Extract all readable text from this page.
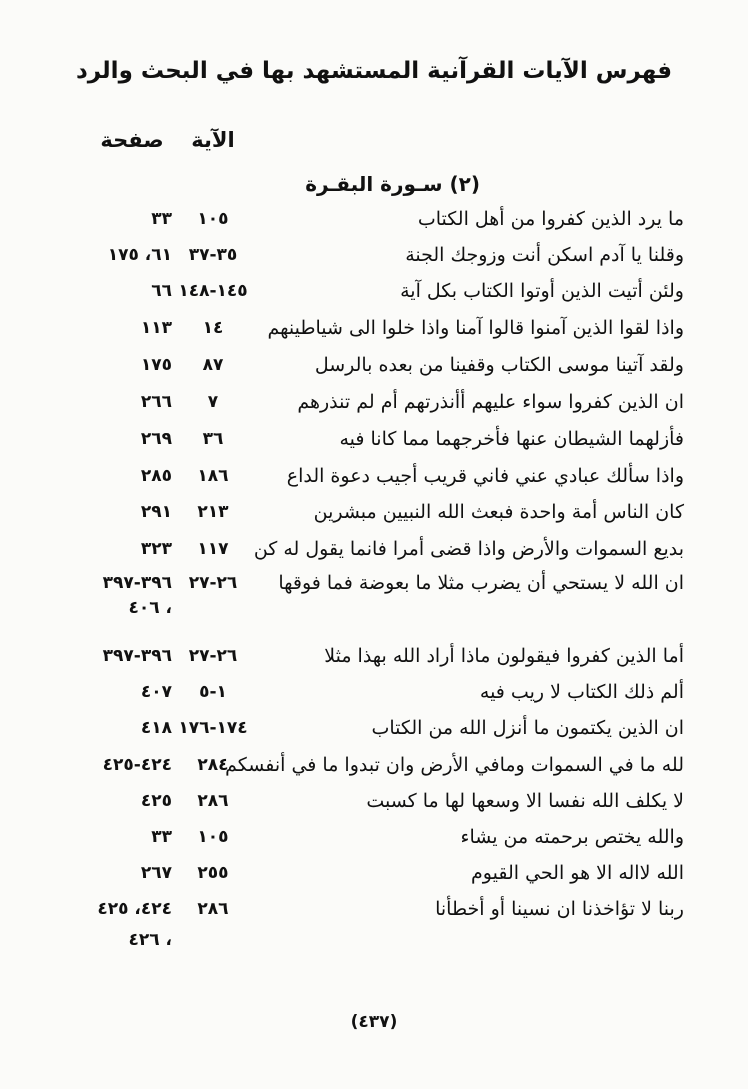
فهرس الآيات القرآنية المستشهد بها في البحث والرد
الآية
صفحة
(٢) سـورة البقـرة
ما يرد الذين كفروا من أهل الكتاب
١٠٥
٣٣
وقلنا يا آدم اسكن أنت وزوجك الجنة
٣٥-٣٧
٦١، ١٧٥
ولئن أتيت الذين أوتوا الكتاب بكل آية
١٤٥-١٤٨
٦٦
واذا لقوا الذين آمنوا قالوا آمنا واذا خلوا الى شياطينهم
١٤
١١٣
ولقد آتينا موسى الكتاب وقفينا من بعده بالرسل
٨٧
١٧٥
ان الذين كفروا سواء عليهم أأنذرتهم أم لم تنذرهم
٧
٢٦٦
فأزلهما الشيطان عنها فأخرجهما مما كانا فيه
٣٦
٢٦٩
واذا سألك عبادي عني فاني قريب أجيب دعوة الداع
١٨٦
٢٨٥
كان الناس أمة واحدة فبعث الله النبيين مبشرين
٢١٣
٢٩١
بديع السموات والأرض واذا قضى أمرا فانما يقول له كن
١١٧
٣٢٣
ان الله لا يستحي أن يضرب مثلا ما بعوضة فما فوقها
٢٦-٢٧
٣٩٦-٣٩٧
، ٤٠٦
أما الذين كفروا فيقولون ماذا أراد الله بهذا مثلا
٢٦-٢٧
٣٩٦-٣٩٧
ألم ذلك الكتاب لا ريب فيه
١-٥
٤٠٧
ان الذين يكتمون ما أنزل الله من الكتاب
١٧٤-١٧٦
٤١٨
لله ما في السموات ومافي الأرض وان تبدوا ما في أنفسكم
٢٨٤
٤٢٤-٤٢٥
لا يكلف الله نفسا الا وسعها لها ما كسبت
٢٨٦
٤٢٥
والله يختص برحمته من يشاء
١٠٥
٣٣
الله لااله الا هو الحي القيوم
٢٥٥
٢٦٧
ربنا لا تؤاخذنا ان نسينا أو أخطأنا
٢٨٦
٤٢٤، ٤٢٥
، ٤٢٦
(٤٣٧)
